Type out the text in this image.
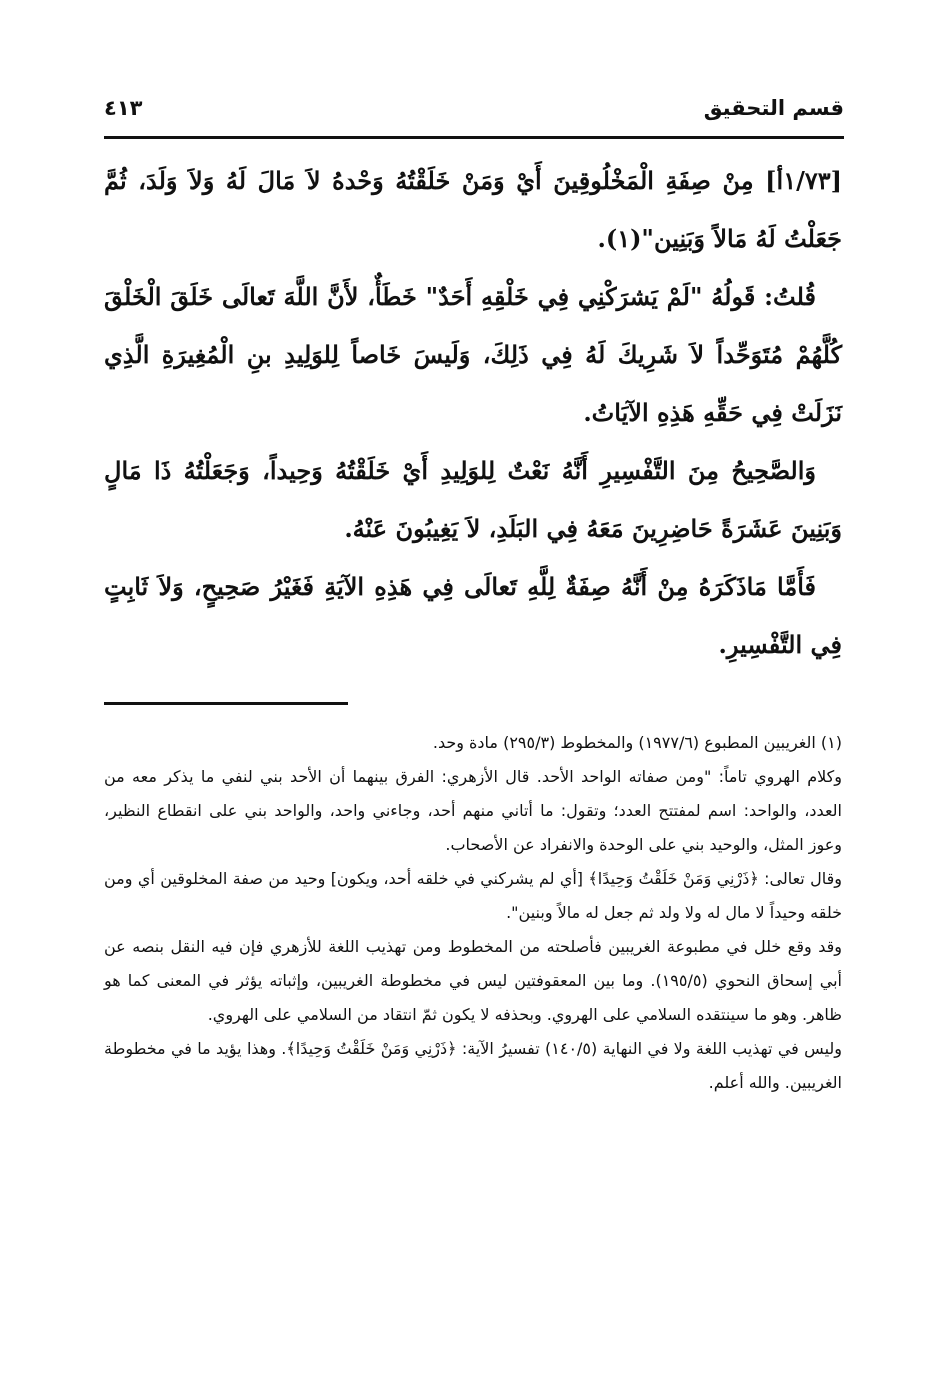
قسم التحقيق
٤١٣

[١/٧٣أ] مِنْ صِفَةِ الْمَخْلُوقِينَ أَيْ وَمَنْ خَلَقْتُهُ وَحْدهُ لاَ مَالَ لَهُ وَلاَ وَلَدَ، ثُمَّ جَعَلْتُ لَهُ مَالاً وَبَنِين"(١).

قُلتُ: قَولُهُ "لَمْ يَشرَكْنِي فِي خَلْقِهِ أَحَدٌ" خَطَأٌ، لأَنَّ اللَّهَ تَعالَى خَلَقَ الْخَلْقَ كُلَّهُمْ مُتَوَحِّداً لاَ شَرِيكَ لَهُ فِي ذَلِكَ، وَلَيسَ خَاصاً لِلوَلِيدِ بنِ الْمُغِيرَةِ الَّذِي نَزَلَتْ فِي حَقِّهِ هَذِهِ الآيَاتُ.

وَالصَّحِيحُ مِنَ التَّفْسِيرِ أَنَّهُ نَعْتٌ لِلوَلِيدِ أَيْ خَلَقْتُهُ وَحِيداً، وَجَعَلْتُهُ ذَا مَالٍ وَبَنِينَ عَشَرَةً حَاضِرِينَ مَعَهُ فِي البَلَدِ، لاَ يَغِيبُونَ عَنْهُ.

فَأَمَّا مَاذَكَرَهُ مِنْ أَنَّهُ صِفَةٌ لِلَّهِ تَعالَى فِي هَذِهِ الآيَةِ فَغَيْرُ صَحِيحٍ، وَلاَ ثَابِتٍ فِي التَّفْسِيرِ.

(١) الغريبين المطبوع (١٩٧٧/٦) والمخطوط (٢٩٥/٣) مادة وحد.

وكلام الهروي تاماً: "ومن صفاته الواحد الأحد. قال الأزهري: الفرق بينهما أن الأحد بني لنفي ما يذكر معه من العدد، والواحد: اسم لمفتتح العدد؛ وتقول: ما أتاني منهم أحد، وجاءني واحد، والواحد بني على انقطاع النظير، وعوز المثل، والوحيد بني على الوحدة والانفراد عن الأصحاب.

وقال تعالى: ﴿ذَرْنِي وَمَنْ خَلَقْتُ وَحِيدًا﴾ [أي لم يشركني في خلقه أحد، ويكون] وحيد من صفة المخلوقين أي ومن خلقه وحيداً لا مال له ولا ولد ثم جعل له مالاً وبنين".

وقد وقع خلل في مطبوعة الغريبين فأصلحته من المخطوط ومن تهذيب اللغة للأزهري فإن فيه النقل بنصه عن أبي إسحاق النحوي (١٩٥/٥). وما بين المعقوفتين ليس في مخطوطة الغريبين، وإثباته يؤثر في المعنى كما هو ظاهر. وهو ما سينتقده السلامي على الهروي. وبحذفه لا يكون ثمّ انتقاد من السلامي على الهروي.

وليس في تهذيب اللغة ولا في النهاية (١٤٠/٥) تفسيرُ الآية: ﴿ذَرْنِي وَمَنْ خَلَقْتُ وَحِيدًا﴾. وهذا يؤيد ما في مخطوطة الغريبين. والله أعلم.
